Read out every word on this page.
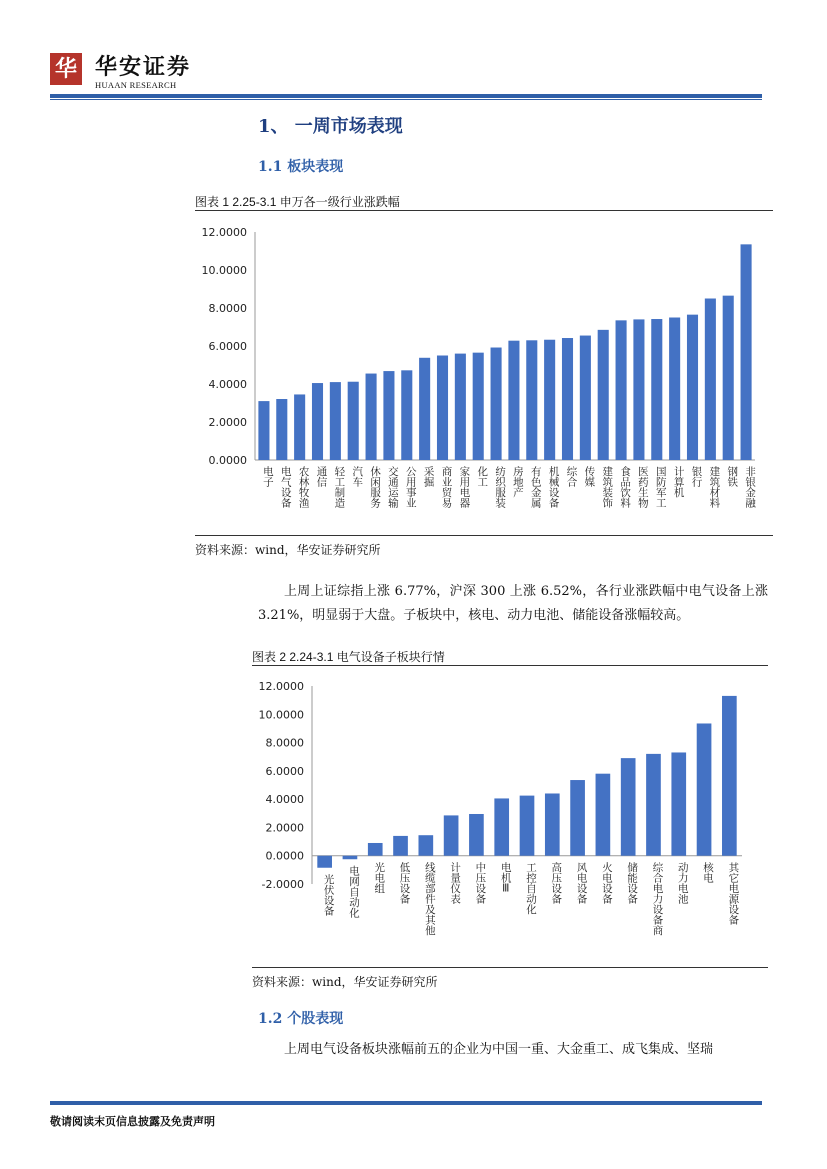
华 华安证券
HUAAN RESEARCH
1、 一周市场表现
1.1 板块表现
图表 1 2.25-3.1 申万各一级行业涨跌幅
0.0000
2.0000
4.0000
6.0000
8.0000
10.0000
12.0000
电子 电气设备 农林牧渔 通信 轻工制造 汽车 休闲服务 交通运输 公用事业 采掘 商业贸易 家用电器 化工 纺织服装 房地产 有色金属 机械设备 综合 传媒 建筑装饰 食品饮料 医药生物 国防军工 计算机 银行 建筑材料 钢铁 非银金融
资料来源：wind，华安证券研究所
上周上证综指上涨 6.77%，沪深 300 上涨 6.52%，各行业涨跌幅中电气设备上涨 3.21%，明显弱于大盘。子板块中，核电、动力电池、储能设备涨幅较高。
图表 2 2.24-3.1 电气设备子板块行情
-2.0000
0.0000
2.0000
4.0000
6.0000
8.0000
10.0000
12.0000
光伏设备 电网自动化 光电组 低压设备 线缆部件及其他 计量仪表 中压设备 电机Ⅲ 工控自动化 高压设备 风电设备 火电设备 储能设备 综合电力设备商 动力电池 核电 其它电源设备
资料来源：wind，华安证券研究所
1.2 个股表现
上周电气设备板块涨幅前五的企业为中国一重、大金重工、成飞集成、坚瑞
敬请阅读末页信息披露及免责声明
